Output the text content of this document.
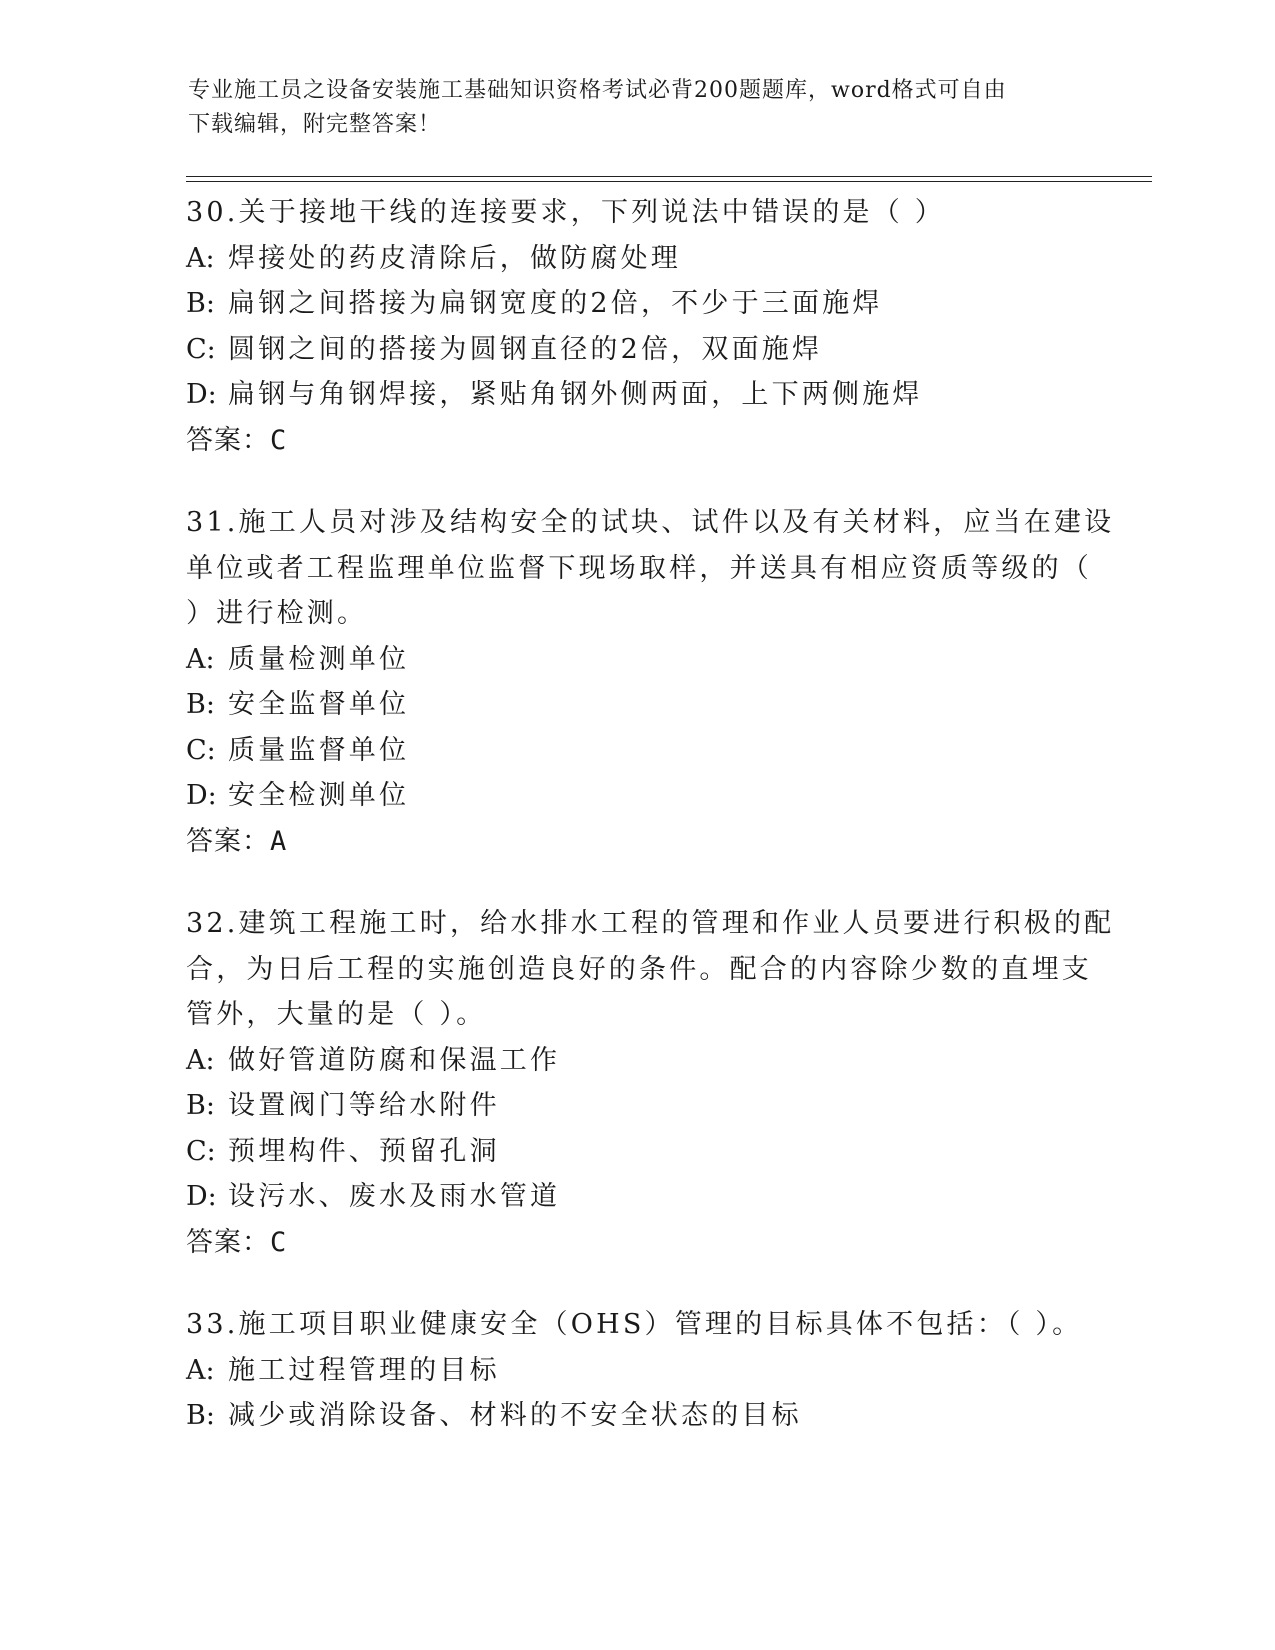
专业施工员之设备安装施工基础知识资格考试必背200题题库，word格式可自由
下载编辑，附完整答案！
30.关于接地干线的连接要求，下列说法中错误的是（ ）
A: 焊接处的药皮清除后，做防腐处理
B: 扁钢之间搭接为扁钢宽度的2倍，不少于三面施焊
C: 圆钢之间的搭接为圆钢直径的2倍，双面施焊
D: 扁钢与角钢焊接，紧贴角钢外侧两面，上下两侧施焊
答案：C
31.施工人员对涉及结构安全的试块、试件以及有关材料，应当在建设
单位或者工程监理单位监督下现场取样，并送具有相应资质等级的（
）进行检测。
A: 质量检测单位
B: 安全监督单位
C: 质量监督单位
D: 安全检测单位
答案：A
32.建筑工程施工时，给水排水工程的管理和作业人员要进行积极的配
合，为日后工程的实施创造良好的条件。配合的内容除少数的直埋支
管外，大量的是（ ）。
A: 做好管道防腐和保温工作
B: 设置阀门等给水附件
C: 预埋构件、预留孔洞
D: 设污水、废水及雨水管道
答案：C
33.施工项目职业健康安全（OHS）管理的目标具体不包括：（ ）。
A: 施工过程管理的目标
B: 减少或消除设备、材料的不安全状态的目标
